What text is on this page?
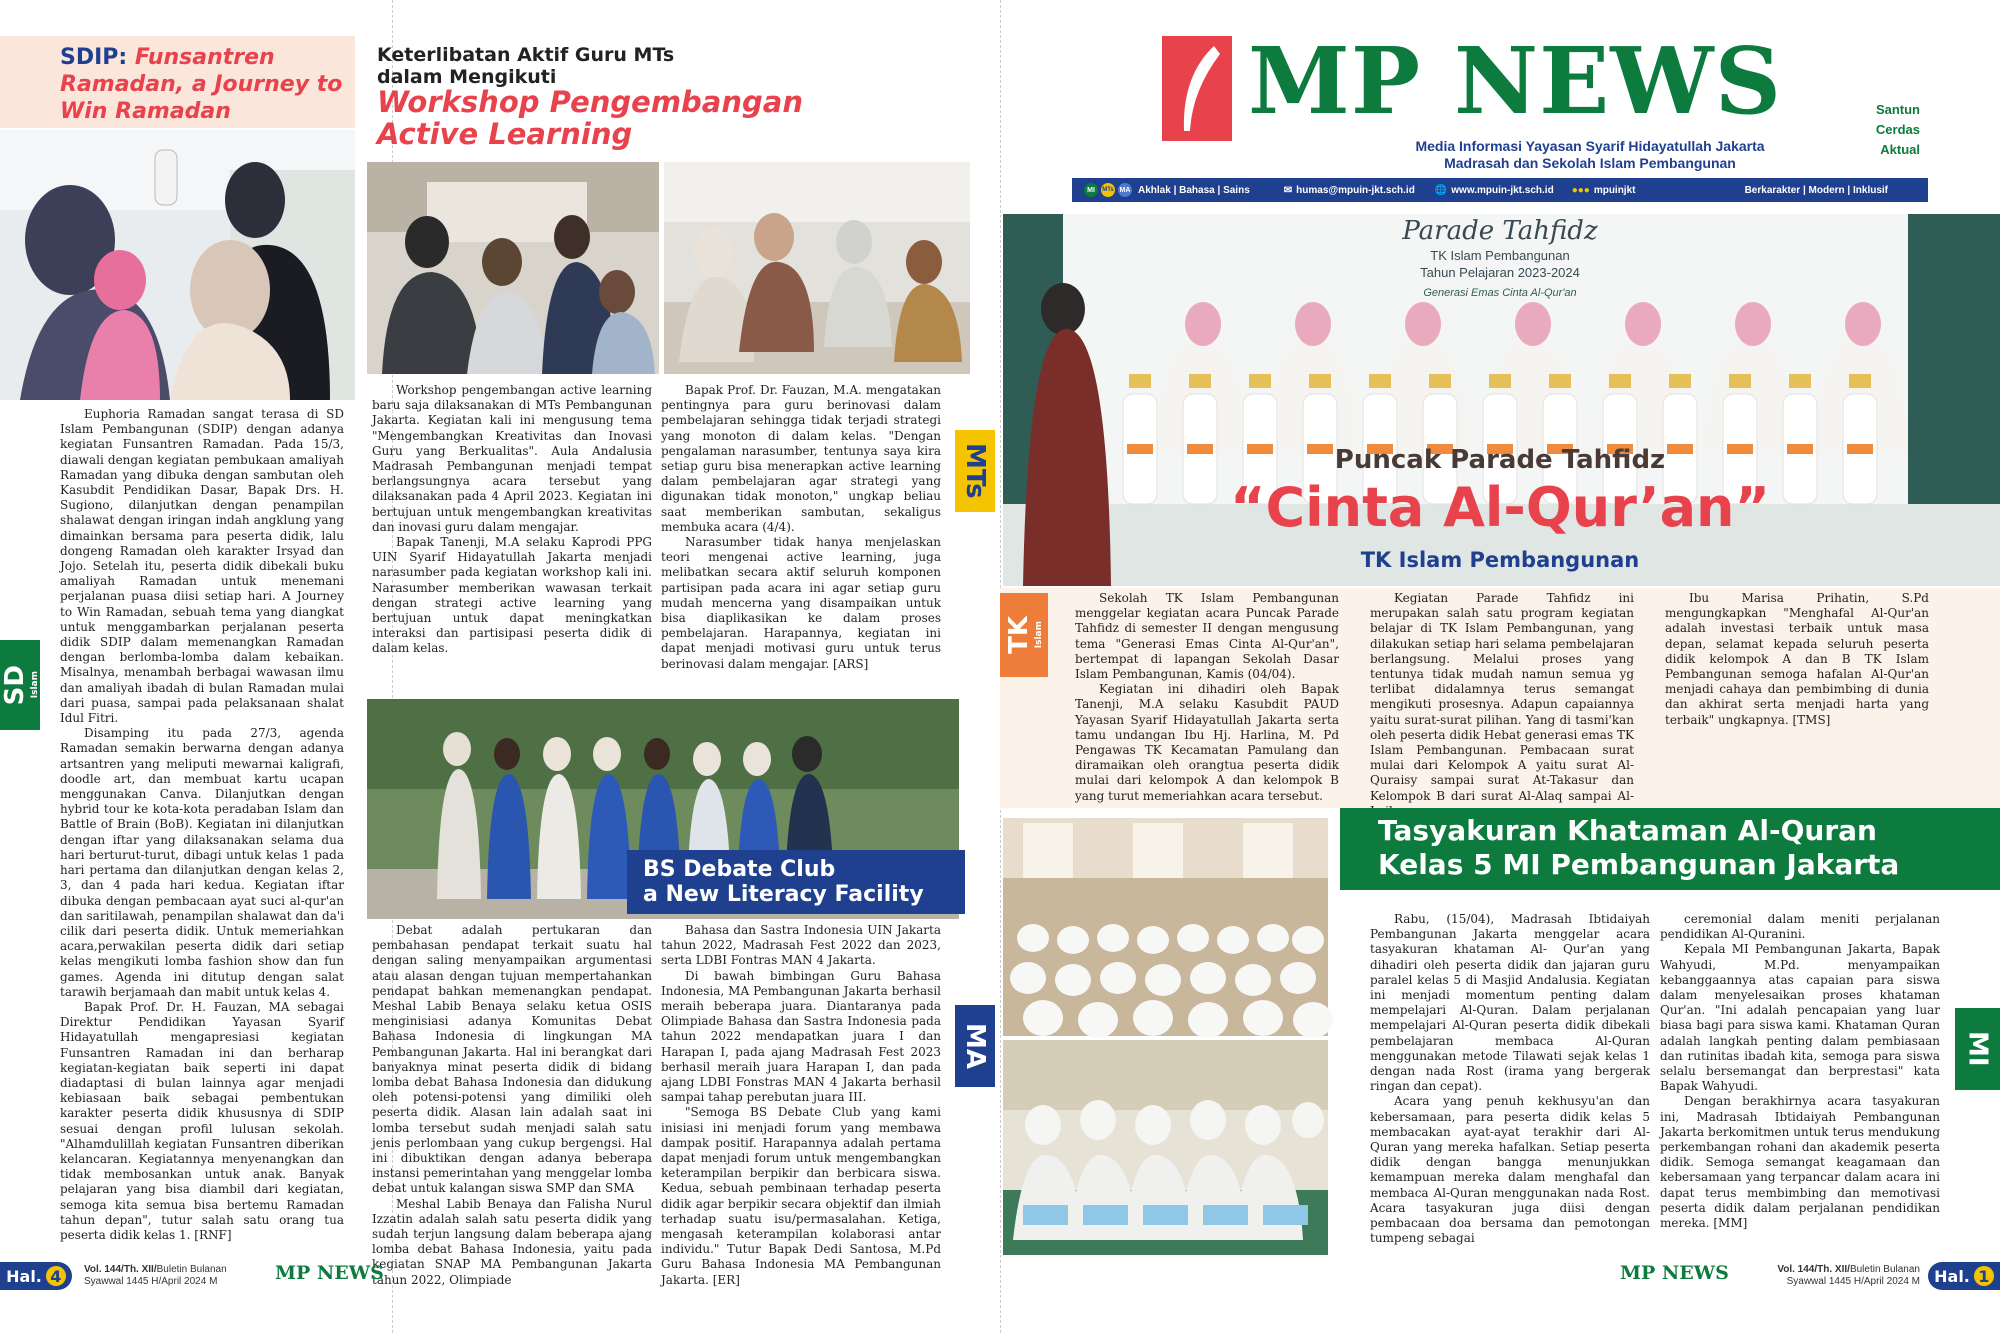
SDIP: Funsantren Ramadan, a Journey to Win Ramadan

Euphoria Ramadan sangat terasa di SD Islam Pembangunan (SDIP) dengan adanya kegiatan Funsantren Ramadan. Pada 15/3, diawali dengan kegiatan pembukaan amaliyah Ramadan yang dibuka dengan sambutan oleh Kasubdit Pendidikan Dasar, Bapak Drs. H. Sugiono, dilanjutkan dengan penampilan shalawat dengan iringan indah angklung yang dimainkan bersama para peserta didik, lalu dongeng Ramadan oleh karakter Irsyad dan Jojo. Setelah itu, peserta didik dibekali buku amaliyah Ramadan untuk menemani perjalanan puasa diisi setiap hari. A Journey to Win Ramadan, sebuah tema yang diangkat untuk menggambarkan perjalanan peserta didik SDIP dalam memenangkan Ramadan dengan berlomba-lomba dalam kebaikan. Misalnya, menambah berbagai wawasan ilmu dan amaliyah ibadah di bulan Ramadan mulai dari puasa, sampai pada pelaksanaan shalat Idul Fitri.

Disamping itu pada 27/3, agenda Ramadan semakin berwarna dengan adanya artsantren yang meliputi mewarnai kaligrafi, doodle art, dan membuat kartu ucapan menggunakan Canva. Dilanjutkan dengan hybrid tour ke kota-kota peradaban Islam dan Battle of Brain (BoB). Kegiatan ini dilanjutkan dengan iftar yang dilaksanakan selama dua hari berturut-turut, dibagi untuk kelas 1 pada hari pertama dan dilanjutkan dengan kelas 2, 3, dan 4 pada hari kedua. Kegiatan iftar dibuka dengan pembacaan ayat suci al-qur'an dan saritilawah, penampilan shalawat dan da'i cilik dari peserta didik. Untuk memeriahkan acara,perwakilan peserta didik dari setiap kelas mengikuti lomba fashion show dan fun games. Agenda ini ditutup dengan salat tarawih berjamaah dan mabit untuk kelas 4.

Bapak Prof. Dr. H. Fauzan, MA sebagai Direktur Pendidikan Yayasan Syarif Hidayatullah mengapresiasi kegiatan Funsantren Ramadan ini dan berharap kegiatan-kegiatan baik seperti ini dapat diadaptasi di bulan lainnya agar menjadi kebiasaan baik sebagai pembentukan karakter peserta didik khususnya di SDIP sesuai dengan profil lulusan sekolah. "Alhamdulillah kegiatan Funsantren diberikan kelancaran. Kegiatannya menyenangkan dan tidak membosankan untuk anak. Banyak pelajaran yang bisa diambil dari kegiatan, semoga kita semua bisa bertemu Ramadan tahun depan", tutur salah satu orang tua peserta didik kelas 1. [RNF]

SD Islam
Keterlibatan Aktif Guru MTs dalam Mengikuti
Workshop Pengembangan Active Learning

Workshop pengembangan active learning baru saja dilaksanakan di MTs Pembangunan Jakarta. Kegiatan kali ini mengusung tema "Mengembangkan Kreativitas dan Inovasi Guru yang Berkualitas". Aula Andalusia Madrasah Pembangunan menjadi tempat berlangsungnya acara tersebut yang dilaksanakan pada 4 April 2023. Kegiatan ini bertujuan untuk mengembangkan kreativitas dan inovasi guru dalam mengajar.

Bapak Tanenji, M.A selaku Kaprodi PPG UIN Syarif Hidayatullah Jakarta menjadi narasumber pada kegiatan workshop kali ini. Narasumber memberikan wawasan terkait dengan strategi active learning yang bertujuan untuk dapat meningkatkan interaksi dan partisipasi peserta didik di dalam kelas.

Bapak Prof. Dr. Fauzan, M.A. mengatakan pentingnya para guru berinovasi dalam pembelajaran sehingga tidak terjadi strategi yang monoton di dalam kelas. "Dengan pengalaman narasumber, tentunya saya kira setiap guru bisa menerapkan active learning dalam pembelajaran agar strategi yang digunakan tidak monoton," ungkap beliau saat memberikan sambutan, sekaligus membuka acara (4/4).

Narasumber tidak hanya menjelaskan teori mengenai active learning, juga melibatkan secara aktif seluruh komponen partisipan pada acara ini agar setiap guru mudah mencerna yang disampaikan untuk bisa diaplikasikan ke dalam proses pembelajaran. Harapannya, kegiatan ini dapat menjadi motivasi guru untuk terus berinovasi dalam mengajar. [ARS]

MTs
BS Debate Club
a New Literacy Facility

Debat adalah pertukaran dan pembahasan pendapat terkait suatu hal dengan saling menyampaikan argumentasi atau alasan dengan tujuan mempertahankan pendapat bahkan memenangkan pendapat. Meshal Labib Benaya selaku ketua OSIS menginisiasi adanya Komunitas Debat Bahasa Indonesia di lingkungan MA Pembangunan Jakarta. Hal ini berangkat dari banyaknya minat peserta didik di bidang lomba debat Bahasa Indonesia dan didukung oleh potensi-potensi yang dimiliki oleh peserta didik. Alasan lain adalah saat ini lomba tersebut sudah menjadi salah satu jenis perlombaan yang cukup bergengsi. Hal ini dibuktikan dengan adanya beberapa instansi pemerintahan yang menggelar lomba debat untuk kalangan siswa SMP dan SMA

Meshal Labib Benaya dan Falisha Nurul Izzatin adalah salah satu peserta didik yang sudah terjun langsung dalam beberapa ajang lomba debat Bahasa Indonesia, yaitu pada kegiatan SNAP MA Pembangunan Jakarta tahun 2022, Olimpiade

Bahasa dan Sastra Indonesia UIN Jakarta tahun 2022, Madrasah Fest 2022 dan 2023, serta LDBI Fontras MAN 4 Jakarta.

Di bawah bimbingan Guru Bahasa Indonesia, MA Pembangunan Jakarta berhasil meraih beberapa juara. Diantaranya pada Olimpiade Bahasa dan Sastra Indonesia pada tahun 2022 mendapatkan juara I dan Harapan I, pada ajang Madrasah Fest 2023 berhasil meraih juara Harapan I, dan pada ajang LDBI Fonstras MAN 4 Jakarta berhasil sampai tahap perebutan juara III.

"Semoga BS Debate Club yang kami inisiasi ini menjadi forum yang membawa dampak positif. Harapannya adalah pertama dapat menjadi forum untuk mengembangkan keterampilan berpikir dan berbicara siswa. Kedua, sebuah pembinaan terhadap peserta didik agar berpikir secara objektif dan ilmiah terhadap suatu isu/permasalahan. Ketiga, mengasah keterampilan kolaborasi antar individu." Tutur Bapak Dedi Santosa, M.Pd Guru Bahasa Indonesia MA Pembangunan Jakarta. [ER]

MA
Hal. 4	Vol. 144/Th. XII/Buletin Bulanan
Syawwal 1445 H/April 2024 M	MP NEWS
MP NEWS
Media Informasi Yayasan Syarif Hidayatullah Jakarta
Madrasah dan Sekolah Islam Pembangunan
Santun
Cerdas
Aktual
MI	MTs MA Akhlak | Bahasa | Sains	✉ humas@mpuin-jkt.sch.id 🌐 www.mpuin-jkt.sch.id ●●● mpuinjkt	Berkarakter | Modern | Inklusif
Parade Tahfidz
TK Islam Pembangunan
Tahun Pelajaran 2023-2024
Generasi Emas Cinta Al-Qur'an
Puncak Parade Tahfidz
“Cinta Al-Qur’an”
TK Islam Pembangunan
TK Islam

Sekolah TK Islam Pembangunan menggelar kegiatan acara Puncak Parade Tahfidz di semester II dengan mengusung tema "Generasi Emas Cinta Al-Qur'an", bertempat di lapangan Sekolah Dasar Islam Pembangunan, Kamis (04/04).

Kegiatan ini dihadiri oleh Bapak Tanenji, M.A selaku Kasubdit PAUD Yayasan Syarif Hidayatullah Jakarta serta tamu undangan Ibu Hj. Harlina, M. Pd Pengawas TK Kecamatan Pamulang dan diramaikan oleh orangtua peserta didik mulai dari kelompok A dan kelompok B yang turut memeriahkan acara tersebut.

Kegiatan Parade Tahfidz ini merupakan salah satu program kegiatan belajar di TK Islam Pembangunan, yang dilakukan setiap hari selama pembelajaran berlangsung. Melalui proses yang tentunya tidak mudah namun semua yg terlibat didalamnya terus semangat mengikuti prosesnya. Adapun capaiannya yaitu surat-surat pilihan. Yang di tasmi'kan oleh peserta didik Hebat generasi emas TK Islam Pembangunan. Pembacaan surat mulai dari Kelompok A yaitu surat Al- Quraisy sampai surat At-Takasur dan Kelompok B dari surat Al-Alaq sampai Al-

Ibu Marisa Prihatin, S.Pd mengungkapkan "Menghafal Al-Qur'an adalah investasi terbaik untuk masa depan, selamat kepada seluruh peserta didik kelompok A dan B TK Islam Pembangunan semoga hafalan Al-Qur'an menjadi cahaya dan pembimbing di dunia dan akhirat serta menjadi harta yang terbaik" ungkapnya. [TMS]

Tasyakuran Khataman Al-Quran
Kelas 5 MI Pembangunan Jakarta

Rabu, (15/04), Madrasah Ibtidaiyah Pembangunan Jakarta menggelar acara tasyakuran khataman Al- Qur'an yang dihadiri oleh peserta didik dan jajaran guru paralel kelas 5 di Masjid Andalusia. Kegiatan ini menjadi momentum penting dalam mempelajari Al-Quran. Dalam perjalanan mempelajari Al-Quran peserta didik dibekali pembelajaran membaca Al-Quran menggunakan metode Tilawati sejak kelas 1 dengan nada Rost (irama yang bergerak ringan dan cepat).

Acara yang penuh kekhusyu'an dan kebersamaan, para peserta didik kelas 5 membacakan ayat-ayat terakhir dari Al-Quran yang mereka hafalkan. Setiap peserta didik dengan bangga menunjukkan kemampuan mereka dalam menghafal dan membaca Al-Quran menggunakan nada Rost. Acara tasyakuran juga diisi dengan pembacaan doa bersama dan pemotongan tumpeng sebagai

ceremonial dalam meniti perjalanan pendidikan Al-Quranini.

Kepala MI Pembangunan Jakarta, Bapak Wahyudi, M.Pd. menyampaikan kebanggaannya atas capaian para siswa dalam menyelesaikan proses khataman Qur'an. "Ini adalah pencapaian yang luar biasa bagi para siswa kami. Khataman Quran adalah langkah penting dalam pembiasaan dan rutinitas ibadah kita, semoga para siswa selalu bersemangat dan berprestasi" kata Bapak Wahyudi.

Dengan berakhirnya acara tasyakuran ini, Madrasah Ibtidaiyah Pembangunan Jakarta berkomitmen untuk terus mendukung perkembangan rohani dan akademik peserta didik. Semoga semangat keagamaan dan kebersamaan yang terpancar dalam acara ini dapat terus membimbing dan memotivasi peserta didik dalam perjalanan pendidikan mereka. [MM]

MI
MP NEWS	Vol. 144/Th. XII/Buletin Bulanan
Syawwal 1445 H/April 2024 M Hal. 1
